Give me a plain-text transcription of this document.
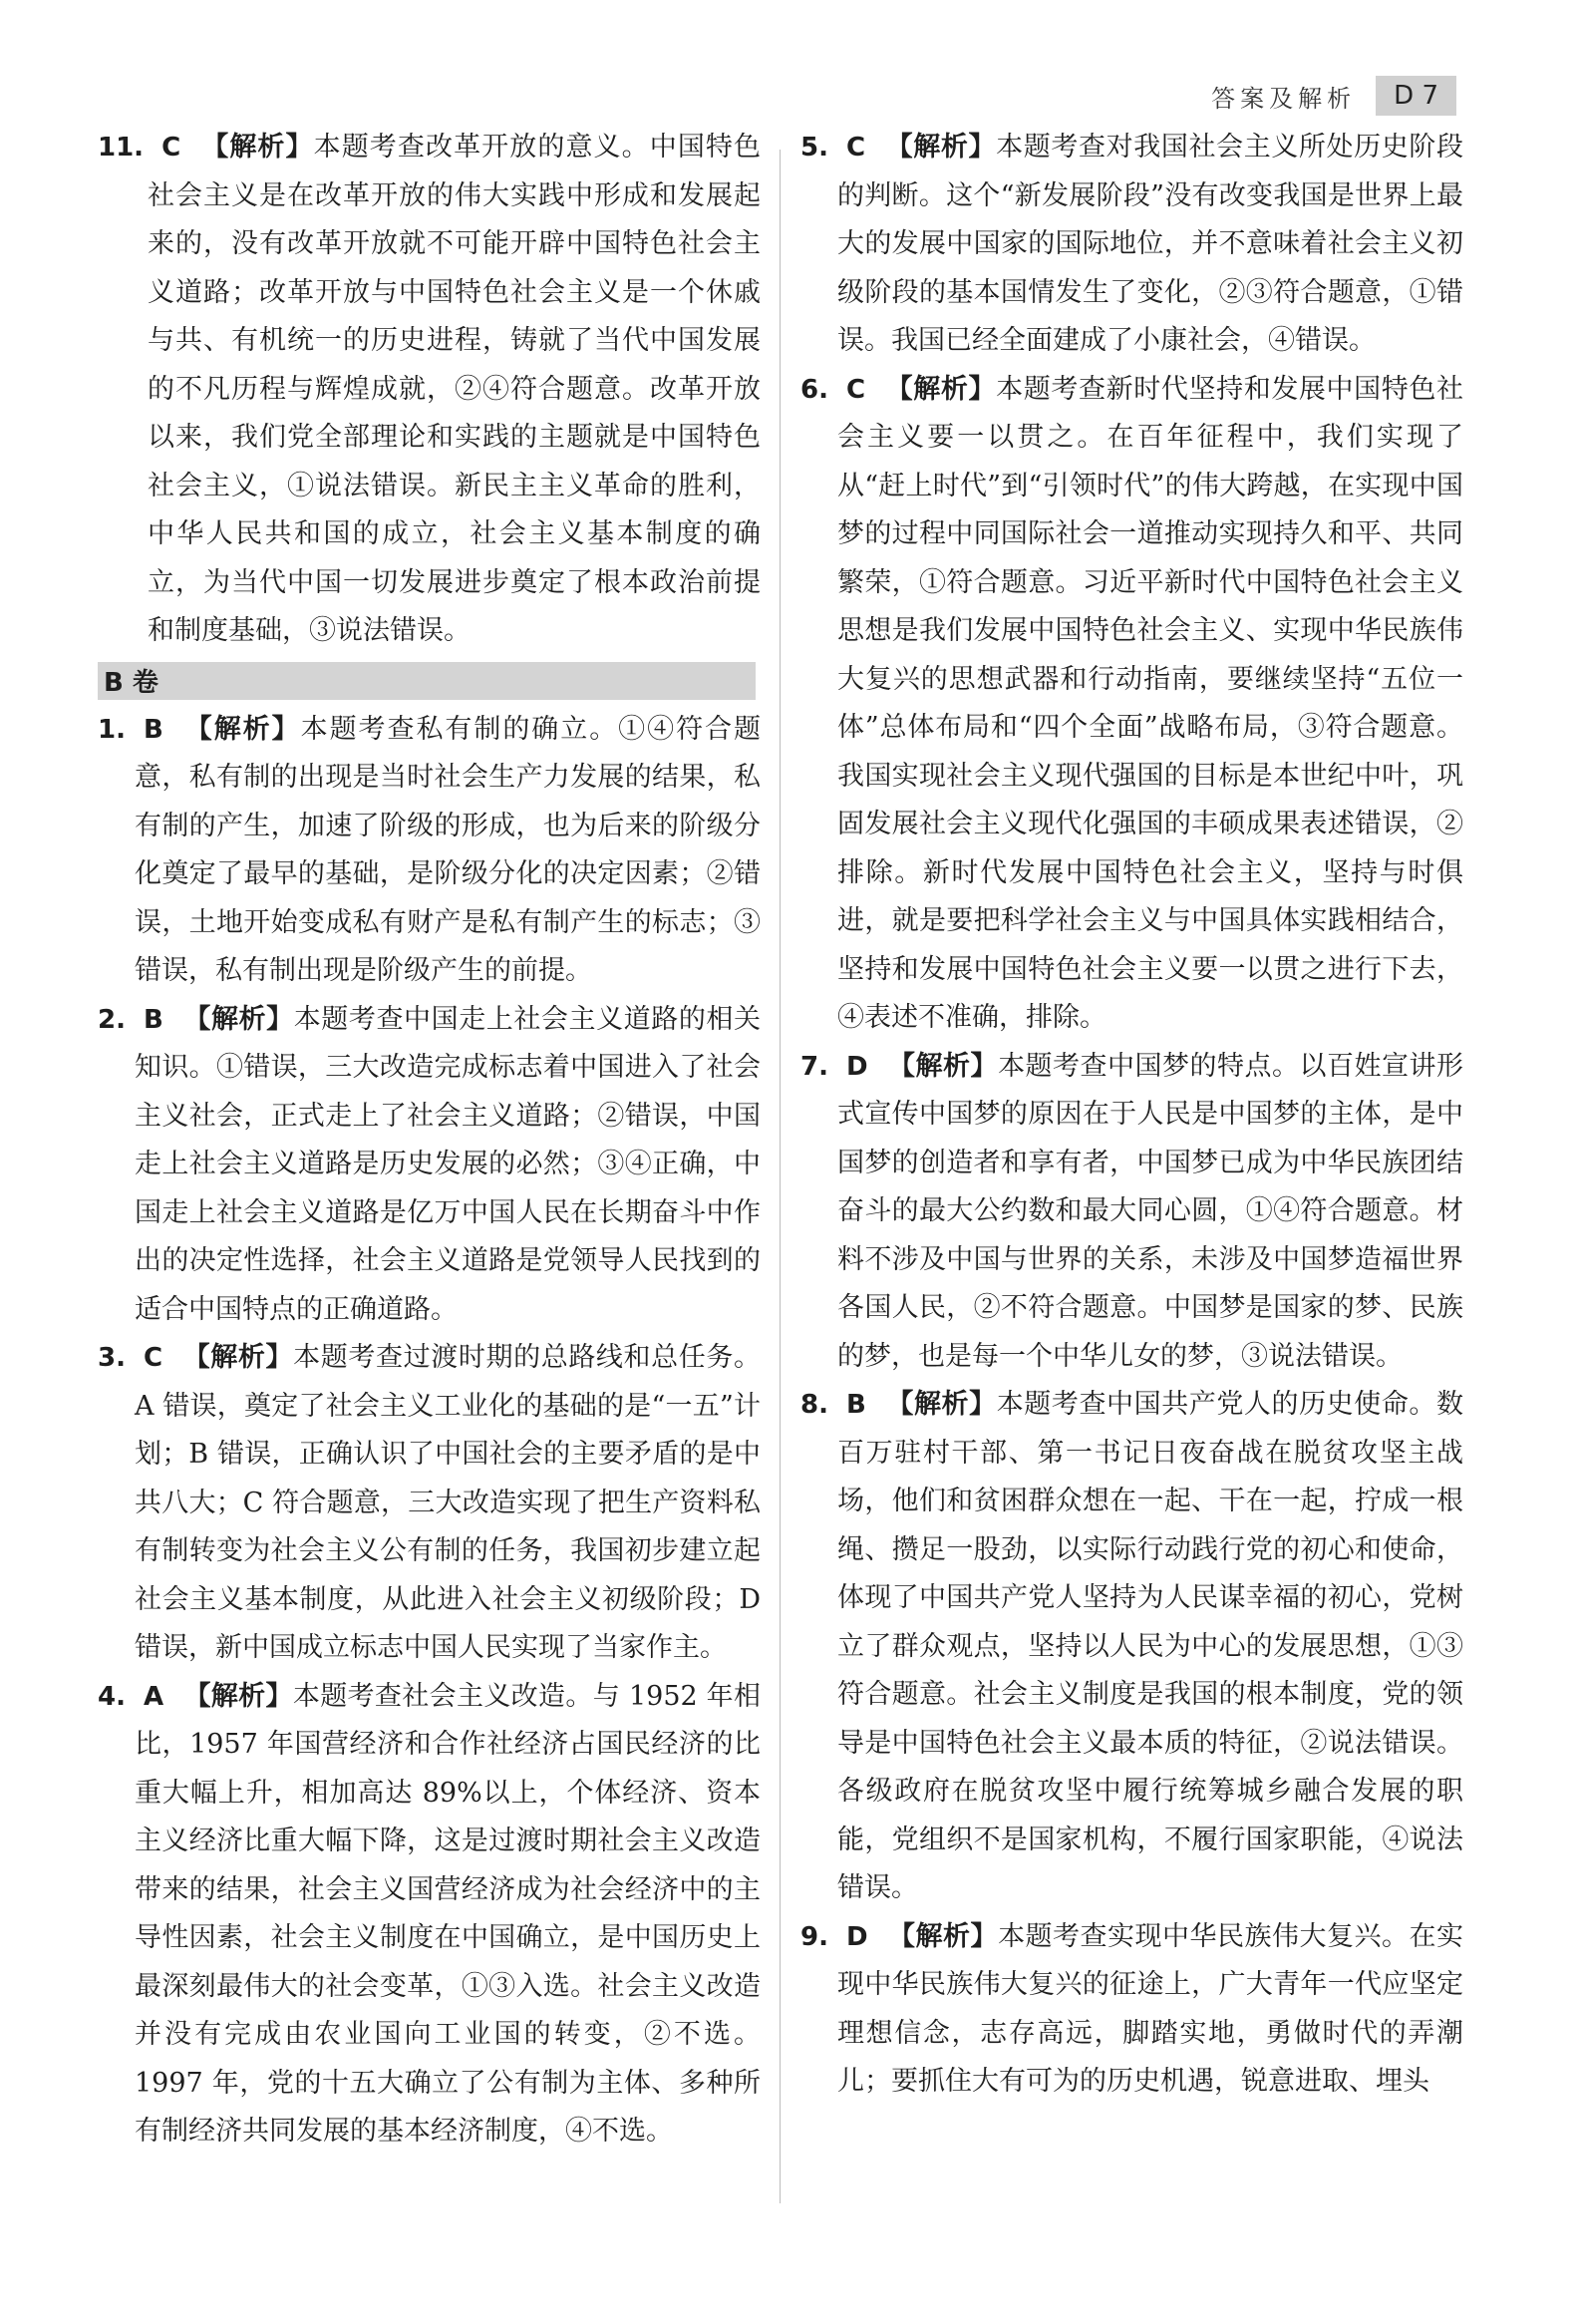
答案及解析	D 7

11. C 【解析】本题考查改革开放的意义。中国特色社会主义是在改革开放的伟大实践中形成和发展起来的，没有改革开放就不可能开辟中国特色社会主义道路；改革开放与中国特色社会主义是一个休戚与共、有机统一的历史进程，铸就了当代中国发展的不凡历程与辉煌成就，②④符合题意。改革开放以来，我们党全部理论和实践的主题就是中国特色社会主义，①说法错误。新民主主义革命的胜利，中华人民共和国的成立，社会主义基本制度的确立，为当代中国一切发展进步奠定了根本政治前提和制度基础，③说法错误。

B 卷

1. B 【解析】本题考查私有制的确立。①④符合题意，私有制的出现是当时社会生产力发展的结果，私有制的产生，加速了阶级的形成，也为后来的阶级分化奠定了最早的基础，是阶级分化的决定因素；②错误，土地开始变成私有财产是私有制产生的标志；③错误，私有制出现是阶级产生的前提。

2. B 【解析】本题考查中国走上社会主义道路的相关知识。①错误，三大改造完成标志着中国进入了社会主义社会，正式走上了社会主义道路；②错误，中国走上社会主义道路是历史发展的必然；③④正确，中国走上社会主义道路是亿万中国人民在长期奋斗中作出的决定性选择，社会主义道路是党领导人民找到的适合中国特点的正确道路。

3. C 【解析】本题考查过渡时期的总路线和总任务。A 错误，奠定了社会主义工业化的基础的是“一五”计划；B 错误，正确认识了中国社会的主要矛盾的是中共八大；C 符合题意，三大改造实现了把生产资料私有制转变为社会主义公有制的任务，我国初步建立起社会主义基本制度，从此进入社会主义初级阶段；D 错误，新中国成立标志中国人民实现了当家作主。

4. A 【解析】本题考查社会主义改造。与 1952 年相比，1957 年国营经济和合作社经济占国民经济的比重大幅上升，相加高达 89%以上，个体经济、资本主义经济比重大幅下降，这是过渡时期社会主义改造带来的结果，社会主义国营经济成为社会经济中的主导性因素，社会主义制度在中国确立，是中国历史上最深刻最伟大的社会变革，①③入选。社会主义改造并没有完成由农业国向工业国的转变，②不选。1997 年，党的十五大确立了公有制为主体、多种所有制经济共同发展的基本经济制度，④不选。

5. C 【解析】本题考查对我国社会主义所处历史阶段的判断。这个“新发展阶段”没有改变我国是世界上最大的发展中国家的国际地位，并不意味着社会主义初级阶段的基本国情发生了变化，②③符合题意，①错误。我国已经全面建成了小康社会，④错误。

6. C 【解析】本题考查新时代坚持和发展中国特色社会主义要一以贯之。在百年征程中，我们实现了从“赶上时代”到“引领时代”的伟大跨越，在实现中国梦的过程中同国际社会一道推动实现持久和平、共同繁荣，①符合题意。习近平新时代中国特色社会主义思想是我们发展中国特色社会主义、实现中华民族伟大复兴的思想武器和行动指南，要继续坚持“五位一体”总体布局和“四个全面”战略布局，③符合题意。我国实现社会主义现代强国的目标是本世纪中叶，巩固发展社会主义现代化强国的丰硕成果表述错误，②排除。新时代发展中国特色社会主义，坚持与时俱进，就是要把科学社会主义与中国具体实践相结合，坚持和发展中国特色社会主义要一以贯之进行下去，④表述不准确，排除。

7. D 【解析】本题考查中国梦的特点。以百姓宣讲形式宣传中国梦的原因在于人民是中国梦的主体，是中国梦的创造者和享有者，中国梦已成为中华民族团结奋斗的最大公约数和最大同心圆，①④符合题意。材料不涉及中国与世界的关系，未涉及中国梦造福世界各国人民，②不符合题意。中国梦是国家的梦、民族的梦，也是每一个中华儿女的梦，③说法错误。

8. B 【解析】本题考查中国共产党人的历史使命。数百万驻村干部、第一书记日夜奋战在脱贫攻坚主战场，他们和贫困群众想在一起、干在一起，拧成一根绳、攒足一股劲，以实际行动践行党的初心和使命，体现了中国共产党人坚持为人民谋幸福的初心，党树立了群众观点，坚持以人民为中心的发展思想，①③符合题意。社会主义制度是我国的根本制度，党的领导是中国特色社会主义最本质的特征，②说法错误。各级政府在脱贫攻坚中履行统筹城乡融合发展的职能，党组织不是国家机构，不履行国家职能，④说法错误。

9. D 【解析】本题考查实现中华民族伟大复兴。在实现中华民族伟大复兴的征途上，广大青年一代应坚定理想信念，志存高远，脚踏实地，勇做时代的弄潮儿；要抓住大有可为的历史机遇，锐意进取、埋头
